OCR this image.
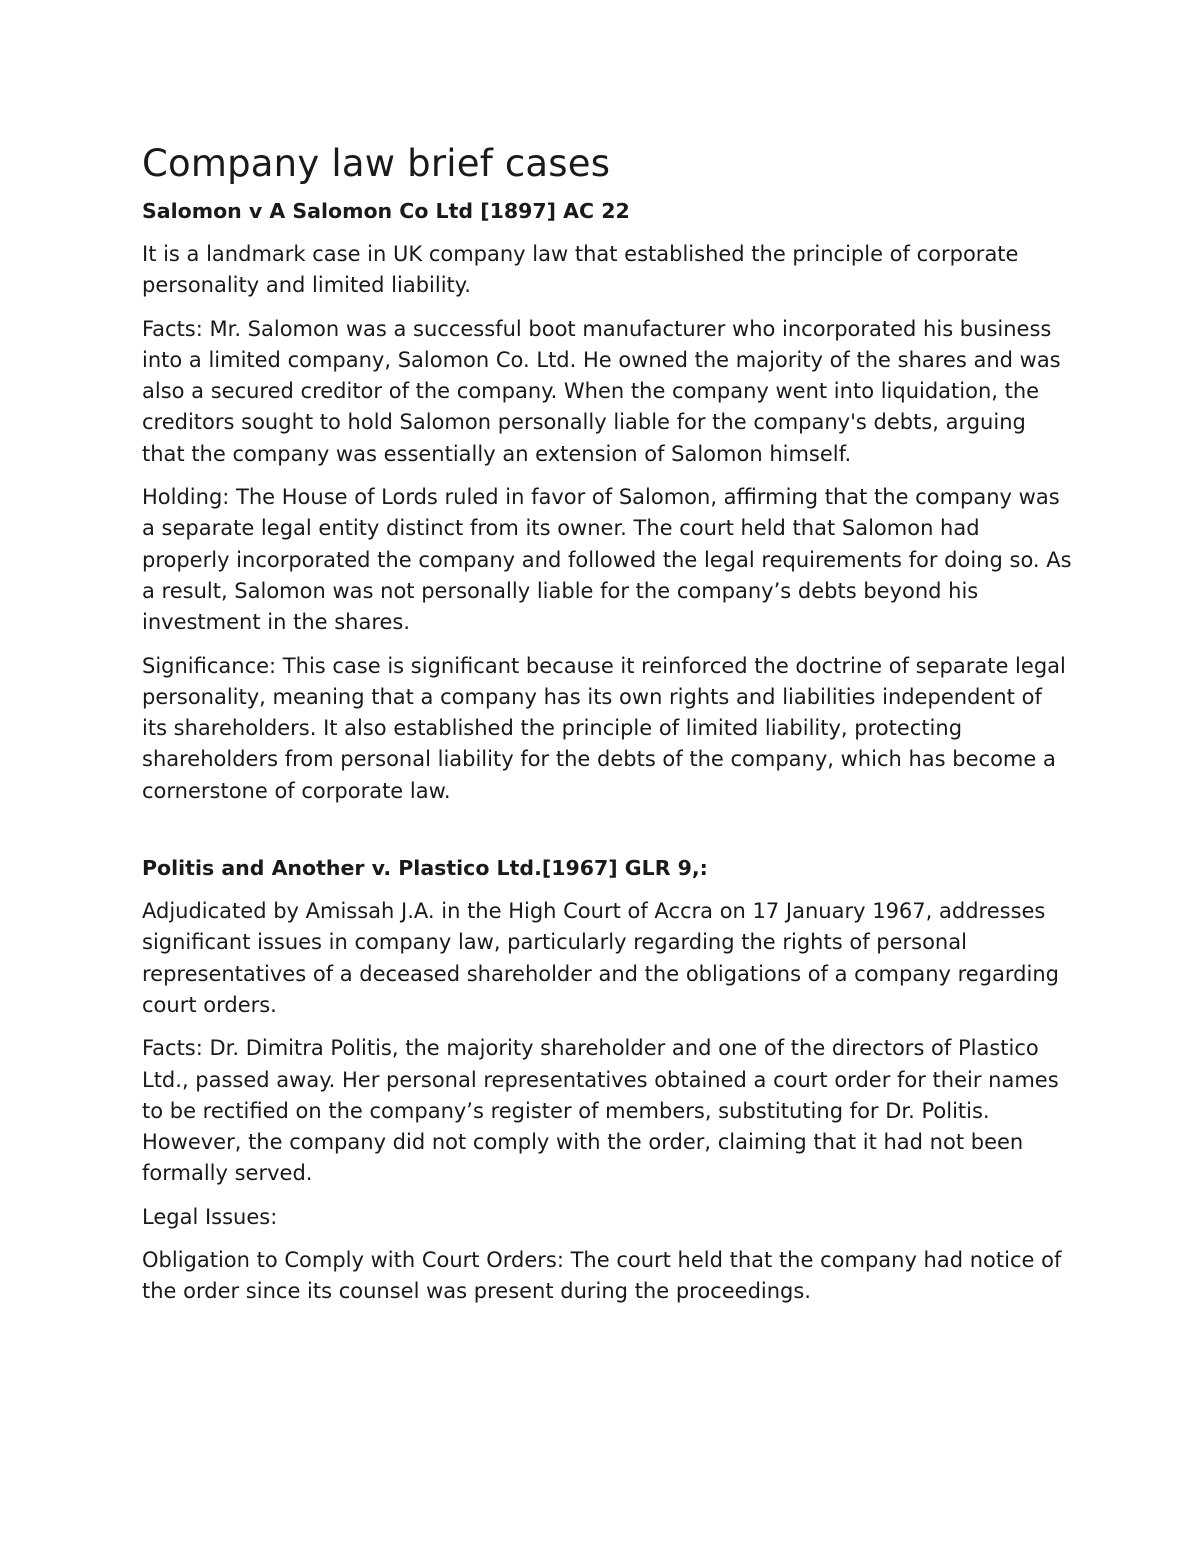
Company law brief cases
Salomon v A Salomon Co Ltd [1897] AC 22

It is a landmark case in UK company law that established the principle of corporate personality and limited liability.

Facts: Mr. Salomon was a successful boot manufacturer who incorporated his business into a limited company, Salomon Co. Ltd. He owned the majority of the shares and was also a secured creditor of the company. When the company went into liquidation, the creditors sought to hold Salomon personally liable for the company's debts, arguing that the company was essentially an extension of Salomon himself.

Holding: The House of Lords ruled in favor of Salomon, affirming that the company was a separate legal entity distinct from its owner. The court held that Salomon had properly incorporated the company and followed the legal requirements for doing so. As a result, Salomon was not personally liable for the company’s debts beyond his investment in the shares.

Significance: This case is significant because it reinforced the doctrine of separate legal personality, meaning that a company has its own rights and liabilities independent of its shareholders. It also established the principle of limited liability, protecting shareholders from personal liability for the debts of the company, which has become a cornerstone of corporate law.

Politis and Another v. Plastico Ltd.[1967] GLR 9,:

Adjudicated by Amissah J.A. in the High Court of Accra on 17 January 1967, addresses significant issues in company law, particularly regarding the rights of personal representatives of a deceased shareholder and the obligations of a company regarding court orders.

Facts: Dr. Dimitra Politis, the majority shareholder and one of the directors of Plastico Ltd., passed away. Her personal representatives obtained a court order for their names to be rectified on the company’s register of members, substituting for Dr. Politis. However, the company did not comply with the order, claiming that it had not been formally served.

Legal Issues:

Obligation to Comply with Court Orders: The court held that the company had notice of the order since its counsel was present during the proceedings.
